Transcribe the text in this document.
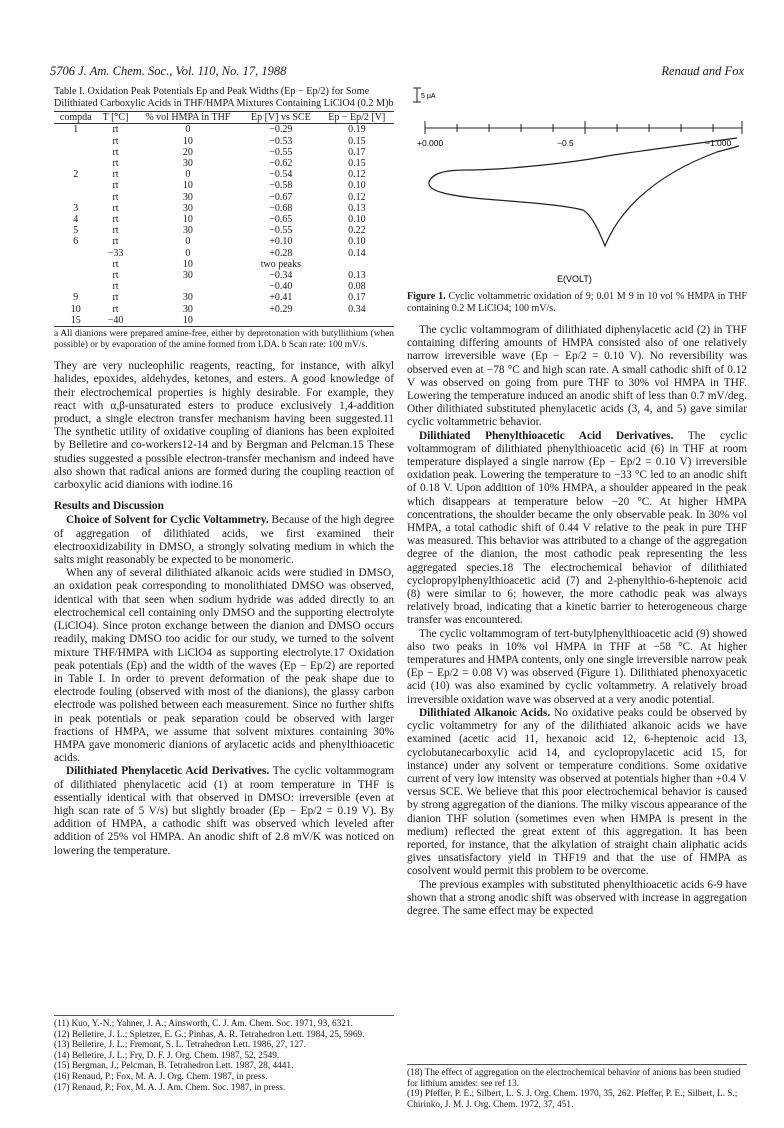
5706 J. Am. Chem. Soc., Vol. 110, No. 17, 1988	Renaud and Fox
Table I. Oxidation Peak Potentials Ep and Peak Widths (Ep − Ep/2) for Some Dilithiated Carboxylic Acids in THF/HMPA Mixtures Containing LiClO4 (0.2 M)b
compda	T [°C]	% vol HMPA in THF	Ep [V] vs SCE	Ep − Ep/2 [V]
1	rt	0	−0.29	0.19
	rt	10	−0.53	0.15
	rt	20	−0.55	0.17
	rt	30	−0.62	0.15
2	rt	0	−0.54	0.12
	rt	10	−0.58	0.10
	rt	30	−0.67	0.12
3	rt	30	−0.68	0.13
4	rt	10	−0.65	0.10
5	rt	30	−0.55	0.22
6	rt	0	+0.10	0.10
	−33	0	+0.28	0.14
	rt	10	two peaks	
	rt	30	−0.34	0.13
	rt		−0.40	0.08
9	rt	30	+0.41	0.17
10	rt	30	+0.29	0.34
15	−40	10		
a All dianions were prepared amine-free, either by deprotonation with butyllithium (when possible) or by evaporation of the amine formed from LDA. b Scan rate: 100 mV/s.

They are very nucleophilic reagents, reacting, for instance, with alkyl halides, epoxides, aldehydes, ketones, and esters. A good knowledge of their electrochemical properties is highly desirable. For example, they react with α,β-unsaturated esters to produce exclusively 1,4-addition product, a single electron transfer mechanism having been suggested.11 The synthetic utility of oxidative coupling of dianions has been exploited by Belletire and co-workers12-14 and by Bergman and Pelcman.15 These studies suggested a possible electron-transfer mechanism and indeed have also shown that radical anions are formed during the coupling reaction of carboxylic acid dianions with iodine.16

Results and Discussion

Choice of Solvent for Cyclic Voltammetry. Because of the high degree of aggregation of dilithiated acids, we first examined their electrooxidizability in DMSO, a strongly solvating medium in which the salts might reasonably be expected to be monomeric.

When any of several dilithiated alkanoic acids were studied in DMSO, an oxidation peak corresponding to monolithiated DMSO was observed, identical with that seen when sodium hydride was added directly to an electrochemical cell containing only DMSO and the supporting electrolyte (LiClO4). Since proton exchange between the dianion and DMSO occurs readily, making DMSO too acidic for our study, we turned to the solvent mixture THF/HMPA with LiClO4 as supporting electrolyte.17 Oxidation peak potentials (Ep) and the width of the waves (Ep − Ep/2) are reported in Table I. In order to prevent deformation of the peak shape due to electrode fouling (observed with most of the dianions), the glassy carbon electrode was polished between each measurement. Since no further shifts in peak potentials or peak separation could be observed with larger fractions of HMPA, we assume that solvent mixtures containing 30% HMPA gave monomeric dianions of arylacetic acids and phenylthioacetic acids.

Dilithiated Phenylacetic Acid Derivatives. The cyclic voltammogram of dilithiated phenylacetic acid (1) at room temperature in THF is essentially identical with that observed in DMSO: irreversible (even at high scan rate of 5 V/s) but slightly broader (Ep − Ep/2 = 0.19 V). By addition of HMPA, a cathodic shift was observed which leveled after addition of 25% vol HMPA. An anodic shift of 2.8 mV/K was noticed on lowering the temperature.

(11) Kuo, Y.-N.; Yahner, J. A.; Ainsworth, C. J. Am. Chem. Soc. 1971, 93, 6321.
(12) Belletire, J. L.; Spletzer, E. G.; Pinhas, A. R. Tetrahedron Lett. 1984, 25, 5969.
(13) Belletire, J. L.; Fremont, S. L. Tetrahedron Lett. 1986, 27, 127.
(14) Belletire, J. L.; Fry, D. F. J. Org. Chem. 1987, 52, 2549.
(15) Bergman, J.; Pelcman, B. Tetrahedron Lett. 1987, 28, 4441.
(16) Renaud, P.; Fox, M. A. J. Org. Chem. 1987, in press.
(17) Renaud, P.; Fox, M. A. J. Am. Chem. Soc. 1987, in press.
5 μA
+0.000	−0.5	−1.000
E(VOLT)
Figure 1. Cyclic voltammetric oxidation of 9; 0.01 M 9 in 10 vol % HMPA in THF containing 0.2 M LiClO4; 100 mV/s.

The cyclic voltammogram of dilithiated diphenylacetic acid (2) in THF containing differing amounts of HMPA consisted also of one relatively narrow irreversible wave (Ep − Ep/2 = 0.10 V). No reversibility was observed even at −78 °C and high scan rate. A small cathodic shift of 0.12 V was observed on going from pure THF to 30% vol HMPA in THF. Lowering the temperature induced an anodic shift of less than 0.7 mV/deg. Other dilithiated substituted phenylacetic acids (3, 4, and 5) gave similar cyclic voltammetric behavior.

Dilithiated Phenylthioacetic Acid Derivatives. The cyclic voltammogram of dilithiated phenylthioacetic acid (6) in THF at room temperature displayed a single narrow (Ep − Ep/2 = 0.10 V) irreversible oxidation peak. Lowering the temperature to −33 °C led to an anodic shift of 0.18 V. Upon addition of 10% HMPA, a shoulder appeared in the peak which disappears at temperature below −20 °C. At higher HMPA concentrations, the shoulder became the only observable peak. In 30% vol HMPA, a total cathodic shift of 0.44 V relative to the peak in pure THF was measured. This behavior was attributed to a change of the aggregation degree of the dianion, the most cathodic peak representing the less aggregated species.18 The electrochemical behavior of dilithiated cyclopropylphenylthioacetic acid (7) and 2-phenylthio-6-heptenoic acid (8) were similar to 6; however, the more cathodic peak was always relatively broad, indicating that a kinetic barrier to heterogeneous charge transfer was encountered.

The cyclic voltammogram of tert-butylphenylthioacetic acid (9) showed also two peaks in 10% vol HMPA in THF at −58 °C. At higher temperatures and HMPA contents, only one single irreversible narrow peak (Ep − Ep/2 = 0.08 V) was observed (Figure 1). Dilithiated phenoxyacetic acid (10) was also examined by cyclic voltammetry. A relatively broad irreversible oxidation wave was observed at a very anodic potential.

Dilithiated Alkanoic Acids. No oxidative peaks could be observed by cyclic voltammetry for any of the dilithiated alkanoic acids we have examined (acetic acid 11, hexanoic acid 12, 6-heptenoic acid 13, cyclobutanecarboxylic acid 14, and cyclopropylacetic acid 15, for instance) under any solvent or temperature conditions. Some oxidative current of very low intensity was observed at potentials higher than +0.4 V versus SCE. We believe that this poor electrochemical behavior is caused by strong aggregation of the dianions. The milky viscous appearance of the dianion THF solution (sometimes even when HMPA is present in the medium) reflected the great extent of this aggregation. It has been reported, for instance, that the alkylation of straight chain aliphatic acids gives unsatisfactory yield in THF19 and that the use of HMPA as cosolvent would permit this problem to be overcome.

The previous examples with substituted phenylthioacetic acids 6-9 have shown that a strong anodic shift was observed with increase in aggregation degree. The same effect may be expected

(18) The effect of aggregation on the electrochemical behavior of anions has been studied for lithium amides: see ref 13.
(19) Pfeffer, P. E.; Silbert, L. S. J. Org. Chem. 1970, 35, 262. Pfeffer, P. E.; Silbert, L. S.; Chirinko, J. M. J. Org. Chem. 1972, 37, 451.
